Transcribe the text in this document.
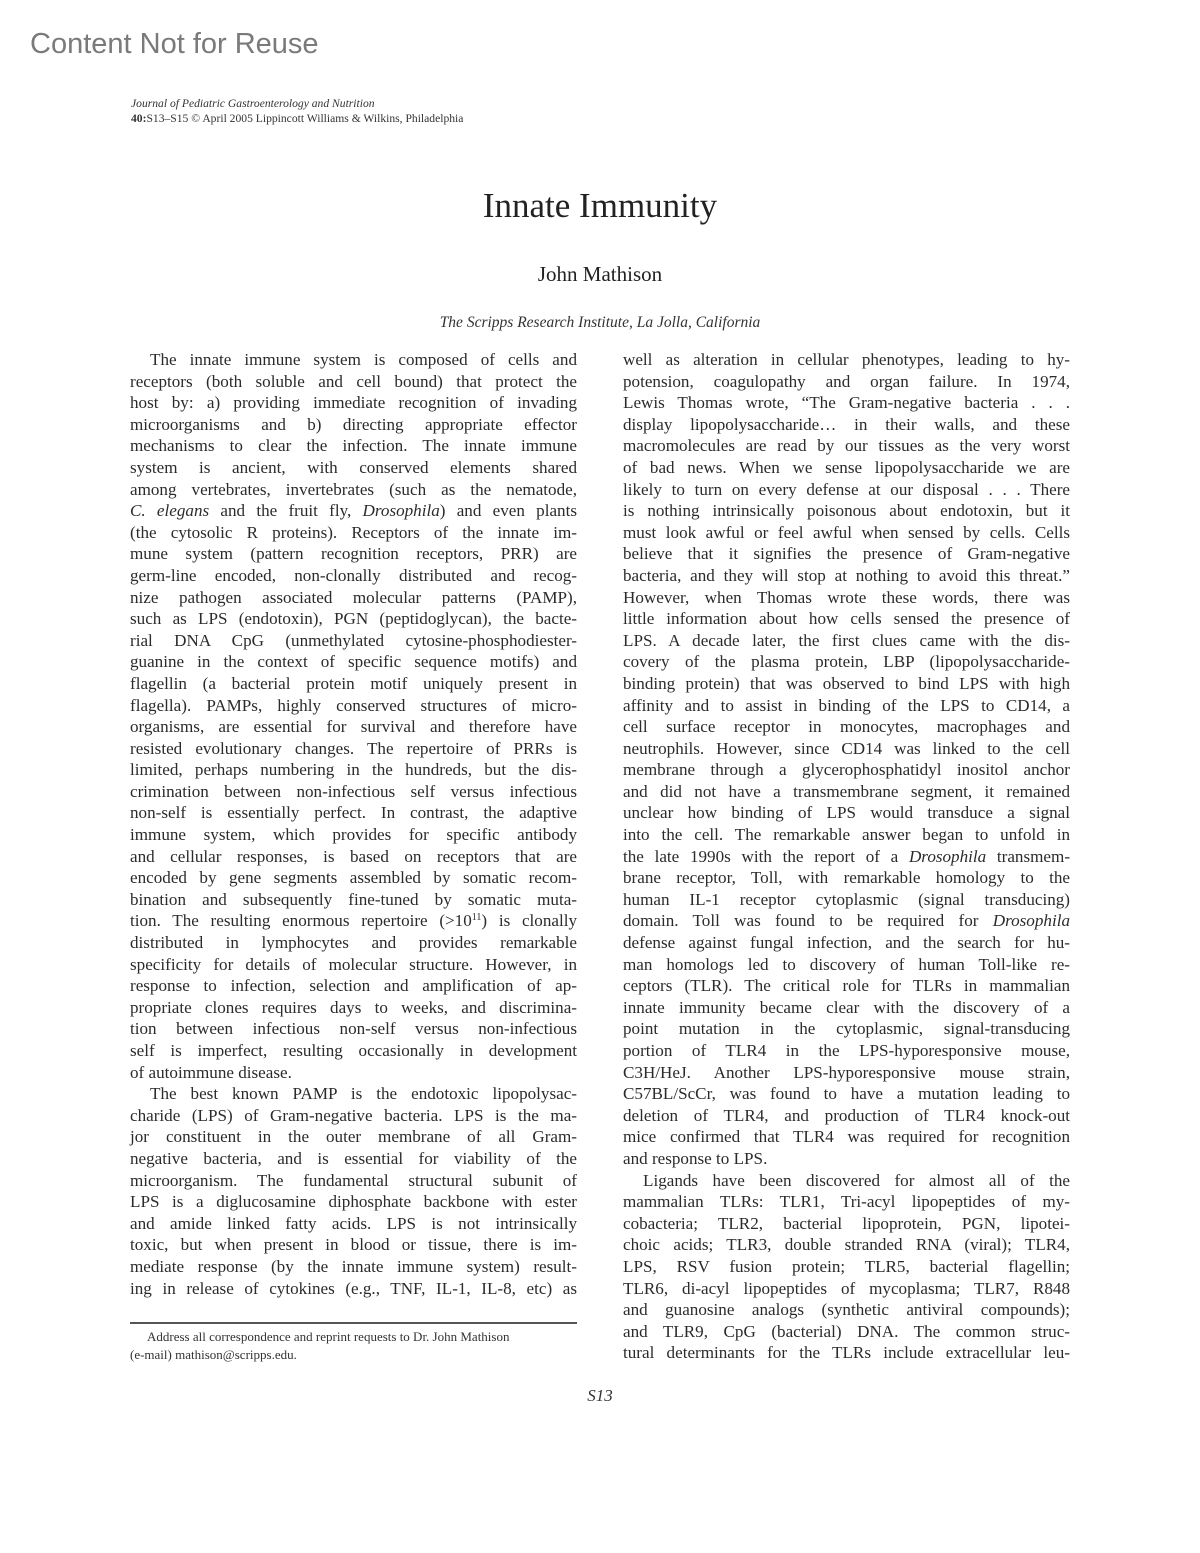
Content Not for Reuse
Journal of Pediatric Gastroenterology and Nutrition
40:S13–S15 © April 2005 Lippincott Williams & Wilkins, Philadelphia
Innate Immunity
John Mathison
The Scripps Research Institute, La Jolla, California
The innate immune system is composed of cells and
receptors (both soluble and cell bound) that protect the
host by: a) providing immediate recognition of invading
microorganisms and b) directing appropriate effector
mechanisms to clear the infection. The innate immune
system is ancient, with conserved elements shared
among vertebrates, invertebrates (such as the nematode,
C. elegans and the fruit fly, Drosophila) and even plants
(the cytosolic R proteins). Receptors of the innate im-
mune system (pattern recognition receptors, PRR) are
germ-line encoded, non-clonally distributed and recog-
nize pathogen associated molecular patterns (PAMP),
such as LPS (endotoxin), PGN (peptidoglycan), the bacte-
rial DNA CpG (unmethylated cytosine-phosphodiester-
guanine in the context of specific sequence motifs) and
flagellin (a bacterial protein motif uniquely present in
flagella). PAMPs, highly conserved structures of micro-
organisms, are essential for survival and therefore have
resisted evolutionary changes. The repertoire of PRRs is
limited, perhaps numbering in the hundreds, but the dis-
crimination between non-infectious self versus infectious
non-self is essentially perfect. In contrast, the adaptive
immune system, which provides for specific antibody
and cellular responses, is based on receptors that are
encoded by gene segments assembled by somatic recom-
bination and subsequently fine-tuned by somatic muta-
tion. The resulting enormous repertoire $(>10^{11})$ is clonally
distributed in lymphocytes and provides remarkable
specificity for details of molecular structure. However, in
response to infection, selection and amplification of ap-
propriate clones requires days to weeks, and discrimina-
tion between infectious non-self versus non-infectious
self is imperfect, resulting occasionally in development
of autoimmune disease.
The best known PAMP is the endotoxic lipopolysac-
charide (LPS) of Gram-negative bacteria. LPS is the ma-
jor constituent in the outer membrane of all Gram-
negative bacteria, and is essential for viability of the
microorganism. The fundamental structural subunit of
LPS is a diglucosamine diphosphate backbone with ester
and amide linked fatty acids. LPS is not intrinsically
toxic, but when present in blood or tissue, there is im-
mediate response (by the innate immune system) result-
ing in release of cytokines (e.g., TNF, IL-1, IL-8, etc) as
well as alteration in cellular phenotypes, leading to hy-
potension, coagulopathy and organ failure. In 1974,
Lewis Thomas wrote, “The Gram-negative bacteria . . .
display lipopolysaccharide… in their walls, and these
macromolecules are read by our tissues as the very worst
of bad news. When we sense lipopolysaccharide we are
likely to turn on every defense at our disposal . . . There
is nothing intrinsically poisonous about endotoxin, but it
must look awful or feel awful when sensed by cells. Cells
believe that it signifies the presence of Gram-negative
bacteria, and they will stop at nothing to avoid this threat.”
However, when Thomas wrote these words, there was
little information about how cells sensed the presence of
LPS. A decade later, the first clues came with the dis-
covery of the plasma protein, LBP (lipopolysaccharide-
binding protein) that was observed to bind LPS with high
affinity and to assist in binding of the LPS to CD14, a
cell surface receptor in monocytes, macrophages and
neutrophils. However, since CD14 was linked to the cell
membrane through a glycerophosphatidyl inositol anchor
and did not have a transmembrane segment, it remained
unclear how binding of LPS would transduce a signal
into the cell. The remarkable answer began to unfold in
the late 1990s with the report of a Drosophila transmem-
brane receptor, Toll, with remarkable homology to the
human IL-1 receptor cytoplasmic (signal transducing)
domain. Toll was found to be required for Drosophila
defense against fungal infection, and the search for hu-
man homologs led to discovery of human Toll-like re-
ceptors (TLR). The critical role for TLRs in mammalian
innate immunity became clear with the discovery of a
point mutation in the cytoplasmic, signal-transducing
portion of TLR4 in the LPS-hyporesponsive mouse,
C3H/HeJ. Another LPS-hyporesponsive mouse strain,
C57BL/ScCr, was found to have a mutation leading to
deletion of TLR4, and production of TLR4 knock-out
mice confirmed that TLR4 was required for recognition
and response to LPS.
Ligands have been discovered for almost all of the
mammalian TLRs: TLR1, Tri-acyl lipopeptides of my-
cobacteria; TLR2, bacterial lipoprotein, PGN, lipotei-
choic acids; TLR3, double stranded RNA (viral); TLR4,
LPS, RSV fusion protein; TLR5, bacterial flagellin;
TLR6, di-acyl lipopeptides of mycoplasma; TLR7, R848
and guanosine analogs (synthetic antiviral compounds);
and TLR9, CpG (bacterial) DNA. The common struc-
tural determinants for the TLRs include extracellular leu-
Address all correspondence and reprint requests to Dr. John Mathison
(e-mail) mathison@scripps.edu.
S13
